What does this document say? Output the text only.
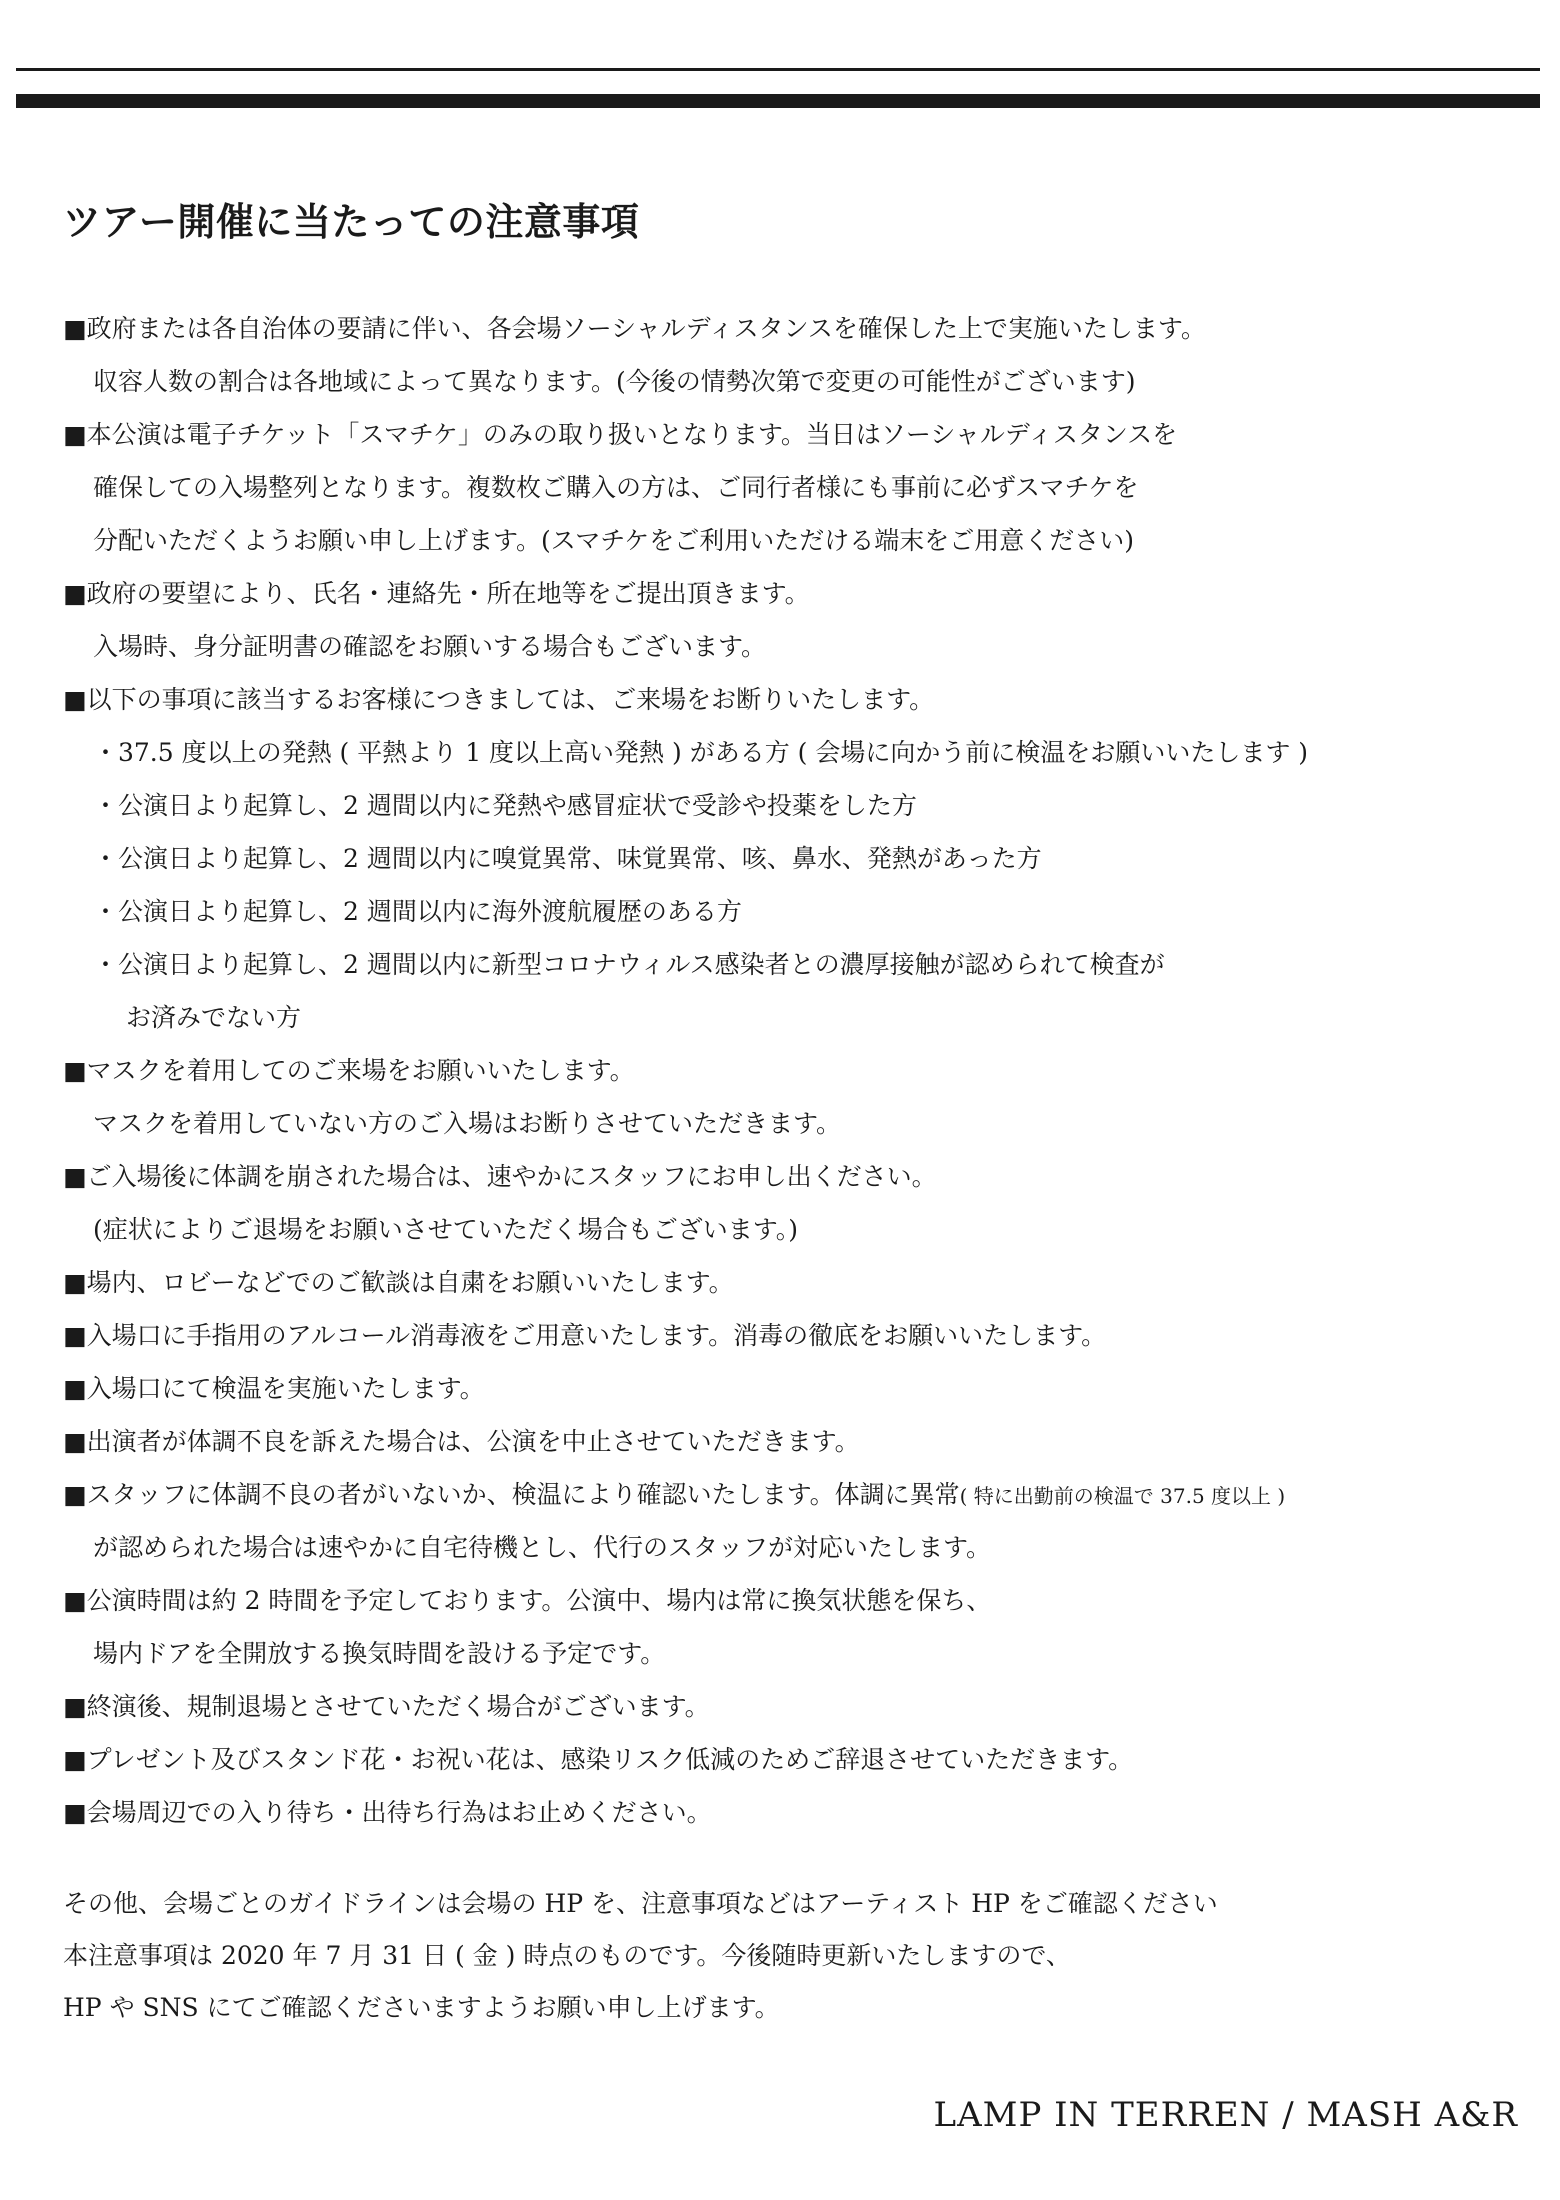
ツアー開催に当たっての注意事項
■政府または各自治体の要請に伴い、各会場ソーシャルディスタンスを確保した上で実施いたします。
収容人数の割合は各地域によって異なります。(今後の情勢次第で変更の可能性がございます)
■本公演は電子チケット「スマチケ」のみの取り扱いとなります。当日はソーシャルディスタンスを
確保しての入場整列となります。複数枚ご購入の方は、ご同行者様にも事前に必ずスマチケを
分配いただくようお願い申し上げます。(スマチケをご利用いただける端末をご用意ください)
■政府の要望により、氏名・連絡先・所在地等をご提出頂きます。
入場時、身分証明書の確認をお願いする場合もございます。
■以下の事項に該当するお客様につきましては、ご来場をお断りいたします。
・37.5 度以上の発熱 ( 平熱より 1 度以上高い発熱 ) がある方 ( 会場に向かう前に検温をお願いいたします )
・公演日より起算し、2 週間以内に発熱や感冒症状で受診や投薬をした方
・公演日より起算し、2 週間以内に嗅覚異常、味覚異常、咳、鼻水、発熱があった方
・公演日より起算し、2 週間以内に海外渡航履歴のある方
・公演日より起算し、2 週間以内に新型コロナウィルス感染者との濃厚接触が認められて検査が
お済みでない方
■マスクを着用してのご来場をお願いいたします。
マスクを着用していない方のご入場はお断りさせていただきます。
■ご入場後に体調を崩された場合は、速やかにスタッフにお申し出ください。
(症状によりご退場をお願いさせていただく場合もございます。)
■場内、ロビーなどでのご歓談は自粛をお願いいたします。
■入場口に手指用のアルコール消毒液をご用意いたします。消毒の徹底をお願いいたします。
■入場口にて検温を実施いたします。
■出演者が体調不良を訴えた場合は、公演を中止させていただきます。
■スタッフに体調不良の者がいないか、検温により確認いたします。体調に異常( 特に出勤前の検温で 37.5 度以上 )
が認められた場合は速やかに自宅待機とし、代行のスタッフが対応いたします。
■公演時間は約 2 時間を予定しております。公演中、場内は常に換気状態を保ち、
場内ドアを全開放する換気時間を設ける予定です。
■終演後、規制退場とさせていただく場合がございます。
■プレゼント及びスタンド花・お祝い花は、感染リスク低減のためご辞退させていただきます。
■会場周辺での入り待ち・出待ち行為はお止めください。
その他、会場ごとのガイドラインは会場の HP を、注意事項などはアーティスト HP をご確認ください
本注意事項は 2020 年 7 月 31 日 ( 金 ) 時点のものです。今後随時更新いたしますので、
HP や SNS にてご確認くださいますようお願い申し上げます。
LAMP IN TERREN / MASH A&R
